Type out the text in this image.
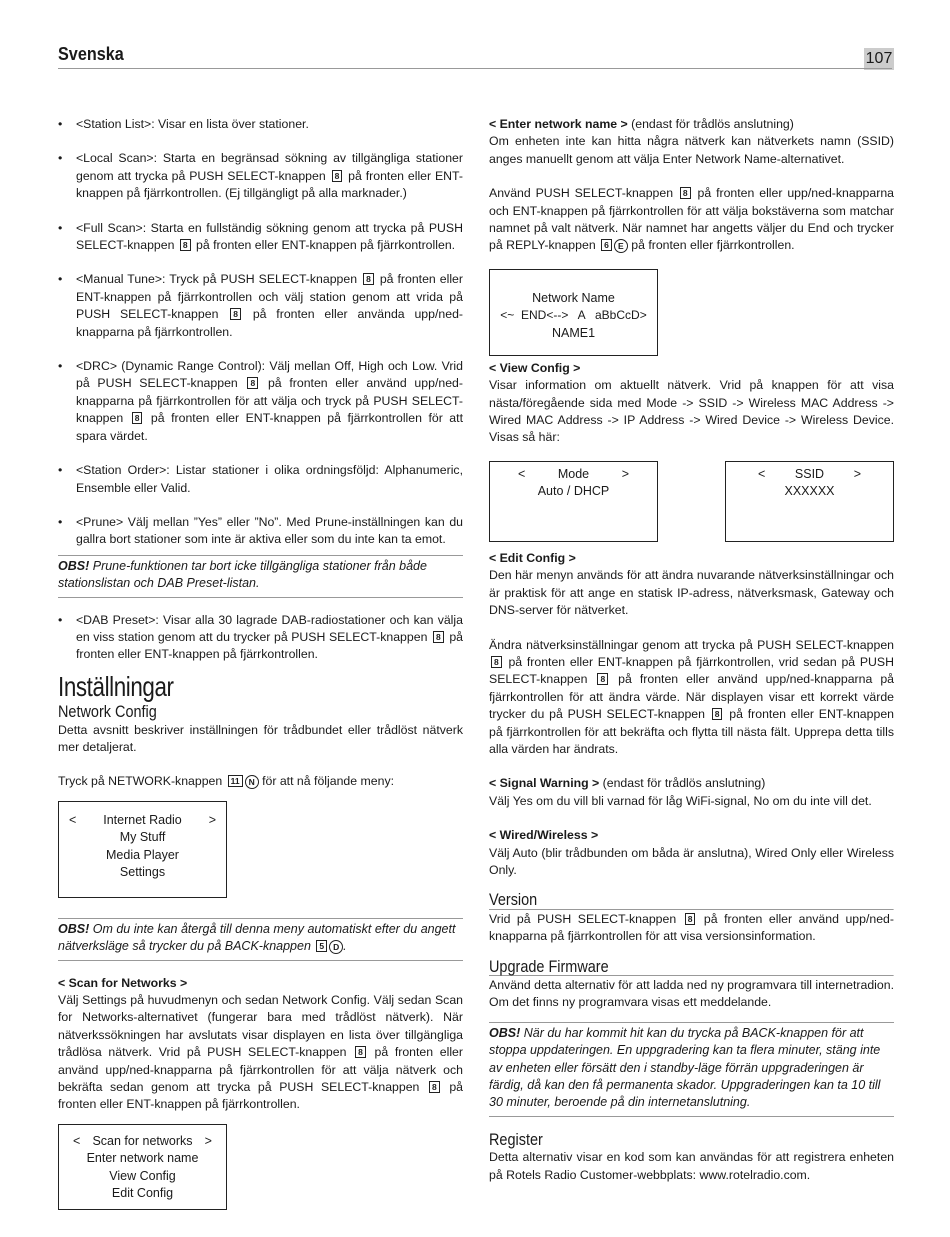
Svenska	107
• <Station List>: Visar en lista över stationer.
• <Local Scan>: Starta en begränsad sökning av tillgängliga stationer genom att trycka på PUSH SELECT-knappen 8 på fronten eller ENT-knappen på fjärrkontrollen. (Ej tillgängligt på alla marknader.)
• <Full Scan>: Starta en fullständig sökning genom att trycka på PUSH SELECT-knappen 8 på fronten eller ENT-knappen på fjärrkontrollen.
• <Manual Tune>: Tryck på PUSH SELECT-knappen 8 på fronten eller ENT-knappen på fjärrkontrollen och välj station genom att vrida på PUSH SELECT-knappen 8 på fronten eller använda upp/ned-knapparna på fjärrkontrollen.
• <DRC> (Dynamic Range Control): Välj mellan Off, High och Low. Vrid på PUSH SELECT-knappen 8 på fronten eller använd upp/ned-knapparna på fjärrkontrollen för att välja och tryck på PUSH SELECT-knappen 8 på fronten eller ENT-knappen på fjärrkontrollen för att spara värdet.
• <Station Order>: Listar stationer i olika ordningsföljd: Alphanumeric, Ensemble eller Valid.
• <Prune> Välj mellan ”Yes” eller ”No”. Med Prune-inställningen kan du gallra bort stationer som inte är aktiva eller som du inte kan ta emot.
OBS! Prune-funktionen tar bort icke tillgängliga stationer från både stationslistan och DAB Preset-listan.
• <DAB Preset>: Visar alla 30 lagrade DAB-radiostationer och kan välja en viss station genom att du trycker på PUSH SELECT-knappen 8 på fronten eller ENT-knappen på fjärrkontrollen.
Inställningar
Network Config

Detta avsnitt beskriver inställningen för trådbundet eller trådlöst nätverk mer detaljerat.

Tryck på NETWORK-knappen 11 N för att nå följande meny:

< Internet Radio >
My Stuff
Media Player
Settings
OBS! Om du inte kan återgå till denna meny automatiskt efter du angett nätverksläge så trycker du på BACK-knappen 5 D .

< Scan for Networks >

Välj Settings på huvudmenyn och sedan Network Config. Välj sedan Scan for Networks-alternativet (fungerar bara med trådlöst nätverk). När nätverkssökningen har avslutats visar displayen en lista över tillgängliga trådlösa nätverk. Vrid på PUSH SELECT-knappen 8 på fronten eller använd upp/ned-knapparna på fjärrkontrollen för att välja nätverk och bekräfta sedan genom att trycka på PUSH SELECT-knappen 8 på fronten eller ENT-knappen på fjärrkontrollen.

< Scan for networks >
Enter network name
View Config
Edit Config

< Enter network name > (endast för trådlös anslutning)

Om enheten inte kan hitta några nätverk kan nätverkets namn (SSID) anges manuellt genom att välja Enter Network Name-alternativet.

Använd PUSH SELECT-knappen 8 på fronten eller upp/ned-knapparna och ENT-knappen på fjärrkontrollen för att välja bokstäverna som matchar namnet på valt nätverk. När namnet har angetts väljer du End och trycker på REPLY-knappen 6 E på fronten eller fjärrkontrollen.

Network Name
<~  END<-->   A   aBbCcD>
NAME1

< View Config >

Visar information om aktuellt nätverk. Vrid på knappen för att visa nästa/föregående sida med Mode -> SSID -> Wireless MAC Address -> Wired MAC Address -> IP Address -> Wired Device -> Wireless Device. Visas så här:

<	Mode	>
Auto / DHCP
< SSID >
XXXXXX

< Edit Config >

Den här menyn används för att ändra nuvarande nätverksinställningar och är praktisk för att ange en statisk IP-adress, nätverksmask, Gateway och DNS-server för nätverket.

Ändra nätverksinställningar genom att trycka på PUSH SELECT-knappen 8 på fronten eller ENT-knappen på fjärrkontrollen, vrid sedan på PUSH SELECT-knappen 8 på fronten eller använd upp/ned-knapparna på fjärrkontrollen för att ändra värde. När displayen visar ett korrekt värde trycker du på PUSH SELECT-knappen 8 på fronten eller ENT-knappen på fjärrkontrollen för att bekräfta och flytta till nästa fält. Upprepa detta tills alla värden har ändrats.

< Signal Warning > (endast för trådlös anslutning)

Välj Yes om du vill bli varnad för låg WiFi-signal, No om du inte vill det.

< Wired/Wireless >

Välj Auto (blir trådbunden om båda är anslutna), Wired Only eller Wireless Only.

Version

Vrid på PUSH SELECT-knappen 8 på fronten eller använd upp/ned-knapparna på fjärrkontrollen för att visa versionsinformation.

Upgrade Firmware

Använd detta alternativ för att ladda ned ny programvara till internetradion. Om det finns ny programvara visas ett meddelande.

OBS! När du har kommit hit kan du trycka på BACK-knappen för att stoppa uppdateringen. En uppgradering kan ta flera minuter, stäng inte av enheten eller försätt den i standby-läge förrän uppgraderingen är färdig, då kan den få permanenta skador. Uppgraderingen kan ta 10 till 30 minuter, beroende på din internetanslutning.
Register

Detta alternativ visar en kod som kan användas för att registrera enheten på Rotels Radio Customer-webbplats: www.rotelradio.com.
